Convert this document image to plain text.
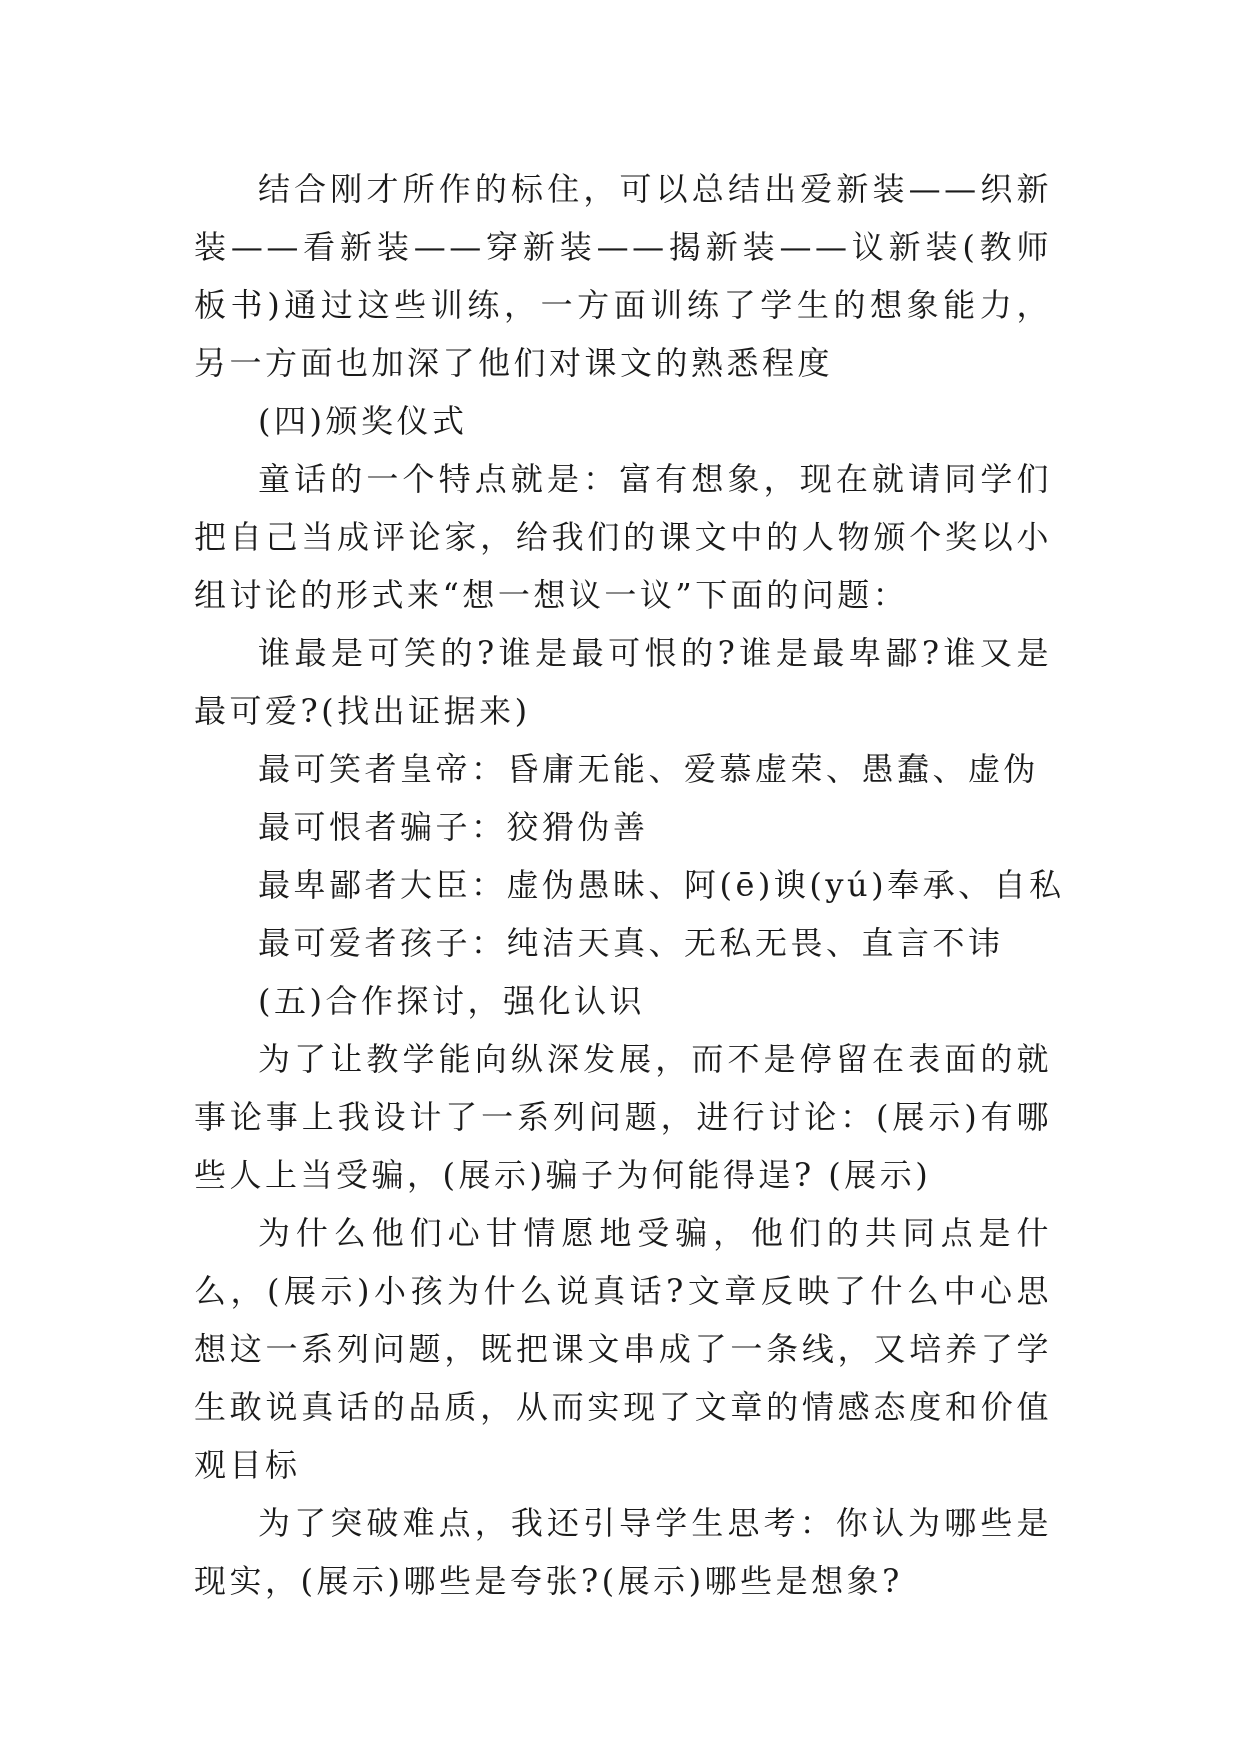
结合刚才所作的标住，可以总结出爱新装——织新装——看新装——穿新装——揭新装——议新装(教师板书)通过这些训练，一方面训练了学生的想象能力，另一方面也加深了他们对课文的熟悉程度

(四)颁奖仪式

童话的一个特点就是：富有想象，现在就请同学们把自己当成评论家，给我们的课文中的人物颁个奖以小组讨论的形式来“想一想议一议”下面的问题：

谁最是可笑的?谁是最可恨的?谁是最卑鄙?谁又是最可爱?(找出证据来)

最可笑者皇帝：昏庸无能、爱慕虚荣、愚蠢、虚伪

最可恨者骗子：狡猾伪善

最卑鄙者大臣：虚伪愚昧、阿(ē)谀(yú)奉承、自私

最可爱者孩子：纯洁天真、无私无畏、直言不讳

(五)合作探讨，强化认识

为了让教学能向纵深发展，而不是停留在表面的就事论事上我设计了一系列问题，进行讨论：(展示)有哪些人上当受骗，(展示)骗子为何能得逞? (展示)

为什么他们心甘情愿地受骗，他们的共同点是什么，(展示)小孩为什么说真话?文章反映了什么中心思想这一系列问题，既把课文串成了一条线，又培养了学生敢说真话的品质，从而实现了文章的情感态度和价值观目标

为了突破难点，我还引导学生思考：你认为哪些是现实，(展示)哪些是夸张?(展示)哪些是想象?
